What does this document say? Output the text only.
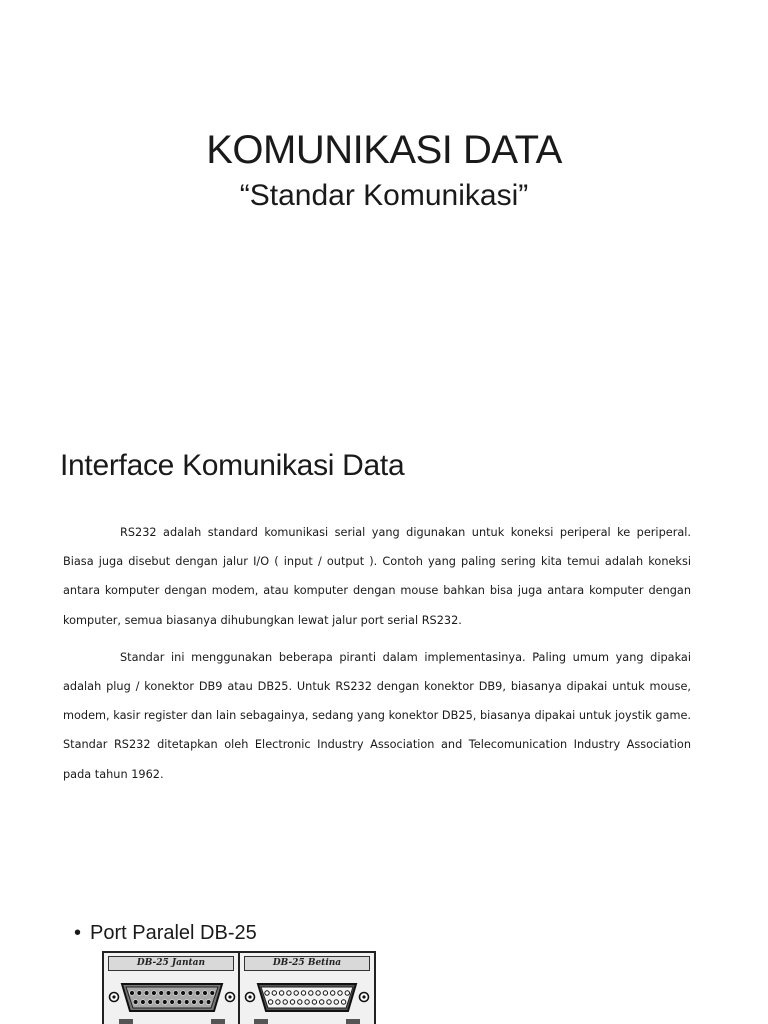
KOMUNIKASI DATA
“Standar Komunikasi”
Interface Komunikasi Data

RS232 adalah standard komunikasi serial yang digunakan untuk koneksi periperal ke periperal. Biasa juga disebut dengan jalur I/O ( input / output ). Contoh yang paling sering kita temui adalah koneksi antara komputer dengan modem, atau komputer dengan mouse bahkan bisa juga antara komputer dengan komputer, semua biasanya dihubungkan lewat jalur port serial RS232.

Standar ini menggunakan beberapa piranti dalam implementasinya. Paling umum yang dipakai adalah plug / konektor DB9 atau DB25. Untuk RS232 dengan konektor DB9, biasanya dipakai untuk mouse, modem, kasir register dan lain sebagainya, sedang yang konektor DB25, biasanya dipakai untuk joystik game. Standar RS232 ditetapkan oleh Electronic Industry Association and Telecomunication Industry Association pada tahun 1962.

• Port Paralel DB-25
DB-25 Jantan	DB-25 Betina
